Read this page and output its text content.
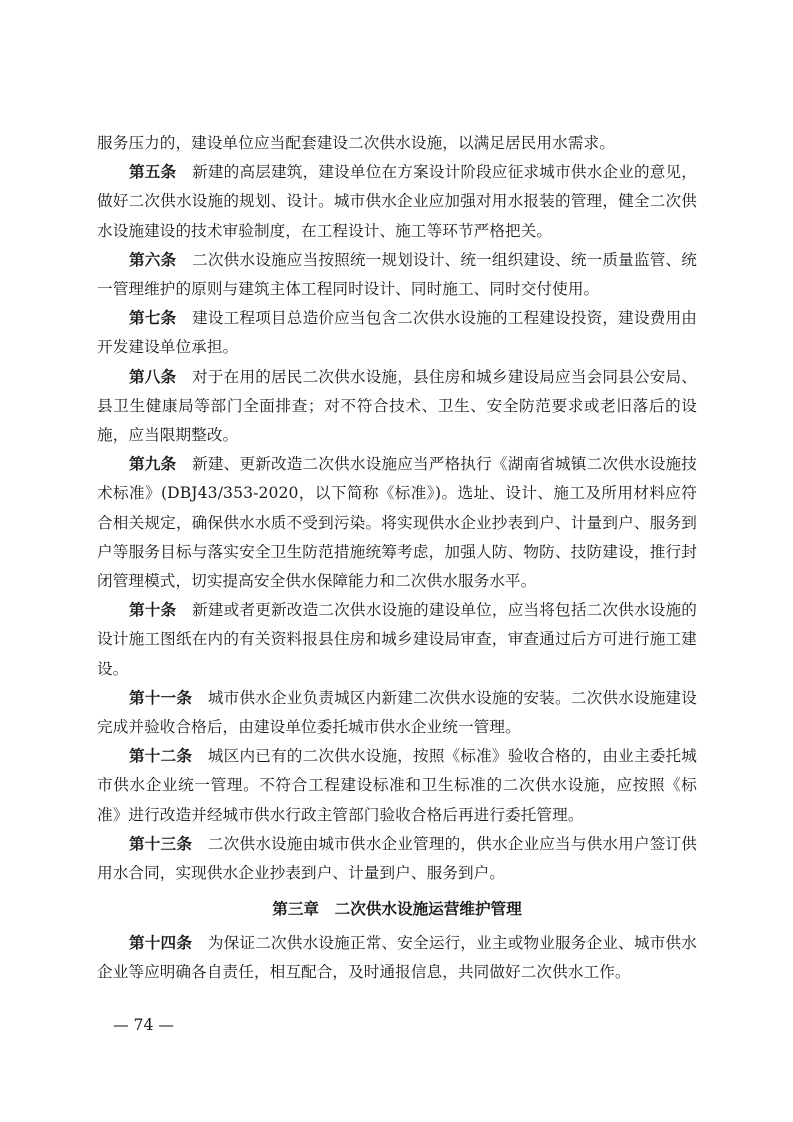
服务压力的，建设单位应当配套建设二次供水设施，以满足居民用水需求。

第五条　 新建的高层建筑，建设单位在方案设计阶段应征求城市供水企业的意见，做好二次供水设施的规划、设计。城市供水企业应加强对用水报装的管理，健全二次供水设施建设的技术审验制度，在工程设计、施工等环节严格把关。

第六条　 二次供水设施应当按照统一规划设计、统一组织建设、统一质量监管、统一管理维护的原则与建筑主体工程同时设计、同时施工、同时交付使用。

第七条　 建设工程项目总造价应当包含二次供水设施的工程建设投资，建设费用由开发建设单位承担。

第八条　 对于在用的居民二次供水设施，县住房和城乡建设局应当会同县公安局、县卫生健康局等部门全面排查；对不符合技术、卫生、安全防范要求或老旧落后的设施，应当限期整改。

第九条　 新建、更新改造二次供水设施应当严格执行《湖南省城镇二次供水设施技术标准》(DBJ43/353-2020，以下简称《标准》)。选址、设计、施工及所用材料应符合相关规定，确保供水水质不受到污染。将实现供水企业抄表到户、计量到户、服务到户等服务目标与落实安全卫生防范措施统筹考虑，加强人防、物防、技防建设，推行封闭管理模式，切实提高安全供水保障能力和二次供水服务水平。

第十条　 新建或者更新改造二次供水设施的建设单位，应当将包括二次供水设施的设计施工图纸在内的有关资料报县住房和城乡建设局审查，审查通过后方可进行施工建设。

第十一条　 城市供水企业负责城区内新建二次供水设施的安装。二次供水设施建设完成并验收合格后，由建设单位委托城市供水企业统一管理。

第十二条　 城区内已有的二次供水设施，按照《标准》验收合格的，由业主委托城市供水企业统一管理。不符合工程建设标准和卫生标准的二次供水设施，应按照《标准》进行改造并经城市供水行政主管部门验收合格后再进行委托管理。

第十三条　 二次供水设施由城市供水企业管理的，供水企业应当与供水用户签订供用水合同，实现供水企业抄表到户、计量到户、服务到户。

第三章　二次供水设施运营维护管理

第十四条　 为保证二次供水设施正常、安全运行，业主或物业服务企业、城市供水企业等应明确各自责任，相互配合，及时通报信息，共同做好二次供水工作。

— 74 —
